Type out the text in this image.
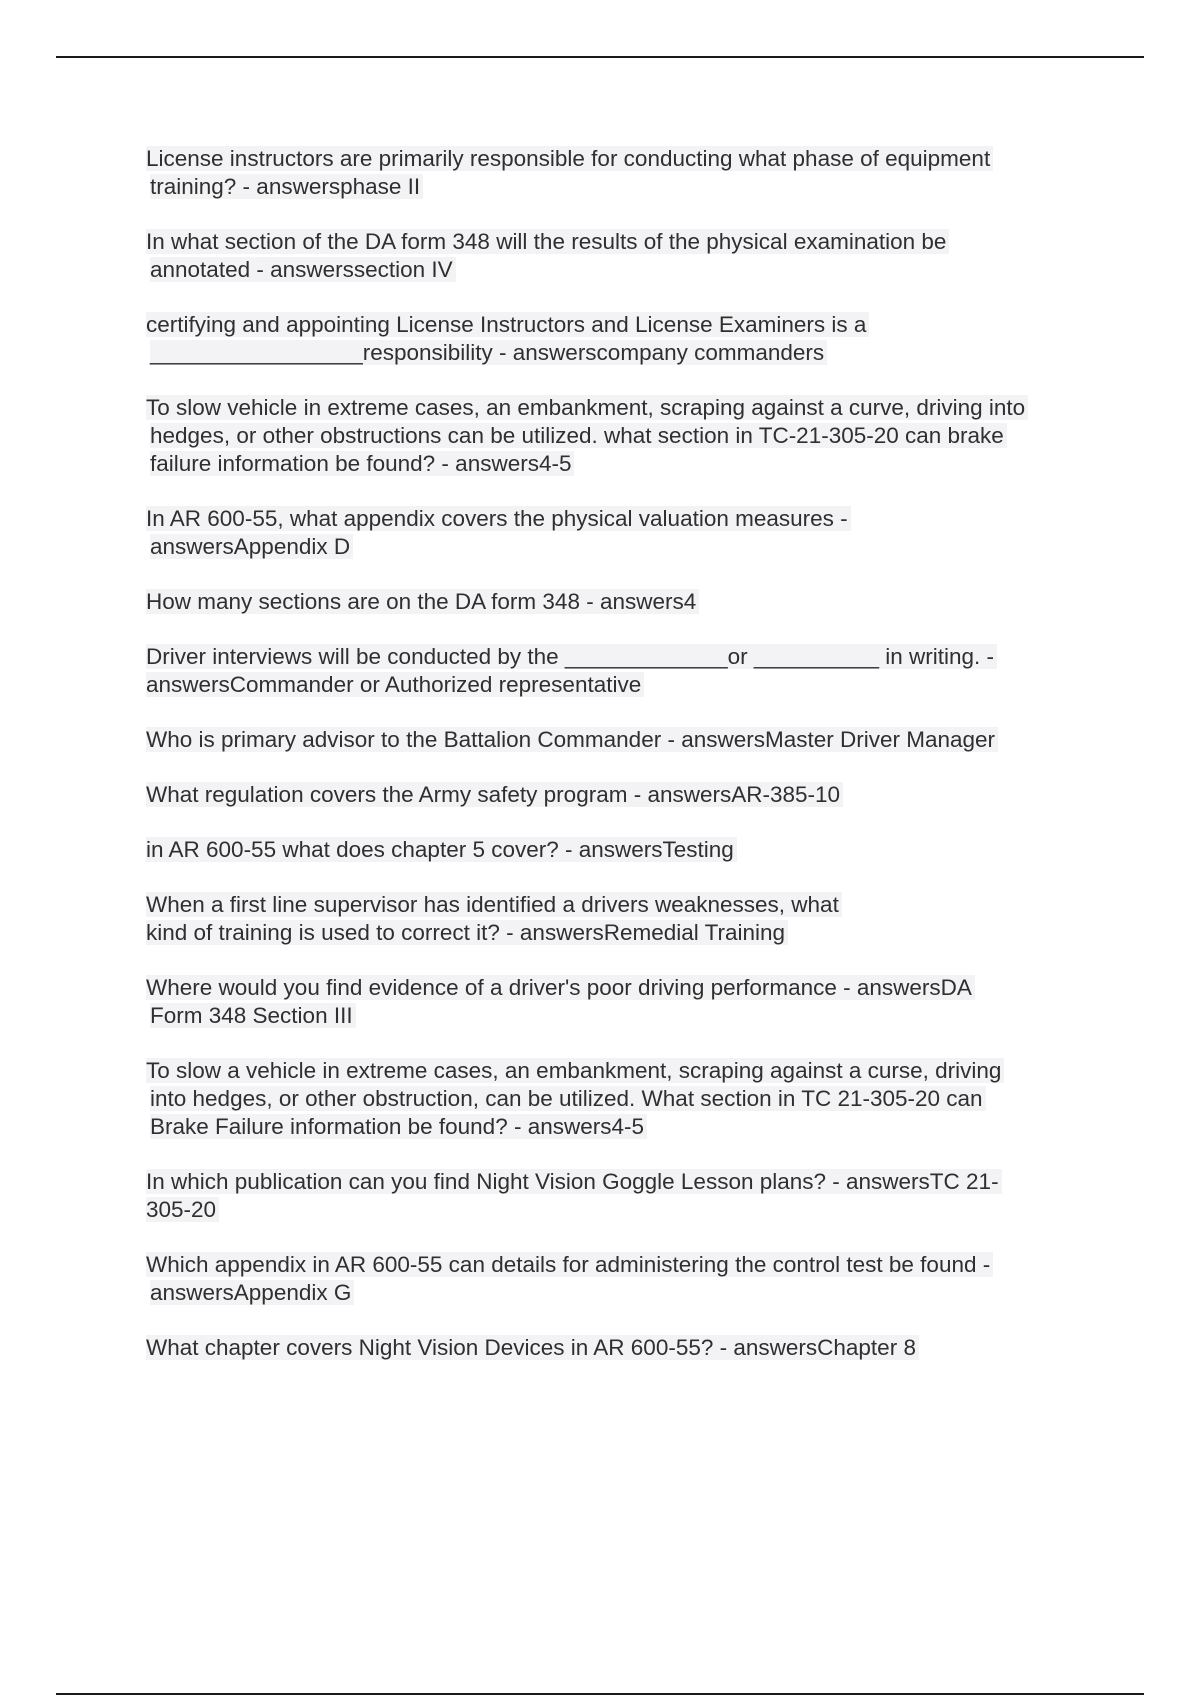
License instructors are primarily responsible for conducting what phase of equipment
training? - answersphase II
In what section of the DA form 348 will the results of the physical examination be
annotated - answerssection IV
certifying and appointing License Instructors and License Examiners is a
_________________responsibility - answerscompany commanders
To slow vehicle in extreme cases, an embankment, scraping against a curve, driving into
hedges, or other obstructions can be utilized. what section in TC-21-305-20 can brake
failure information be found? - answers4-5
In AR 600-55, what appendix covers the physical valuation measures -
answersAppendix D
How many sections are on the DA form 348 - answers4
Driver interviews will be conducted by the _____________or __________ in writing. -
answersCommander or Authorized representative
Who is primary advisor to the Battalion Commander - answersMaster Driver Manager
What regulation covers the Army safety program - answersAR-385-10
in AR 600-55 what does chapter 5 cover? - answersTesting
When a first line supervisor has identified a drivers weaknesses, what
kind of training is used to correct it? - answersRemedial Training
Where would you find evidence of a driver's poor driving performance - answersDA
Form 348 Section III
To slow a vehicle in extreme cases, an embankment, scraping against a curse, driving
into hedges, or other obstruction, can be utilized. What section in TC 21-305-20 can
Brake Failure information be found? - answers4-5
In which publication can you find Night Vision Goggle Lesson plans? - answersTC 21-
305-20
Which appendix in AR 600-55 can details for administering the control test be found -
answersAppendix G
What chapter covers Night Vision Devices in AR 600-55? - answersChapter 8
